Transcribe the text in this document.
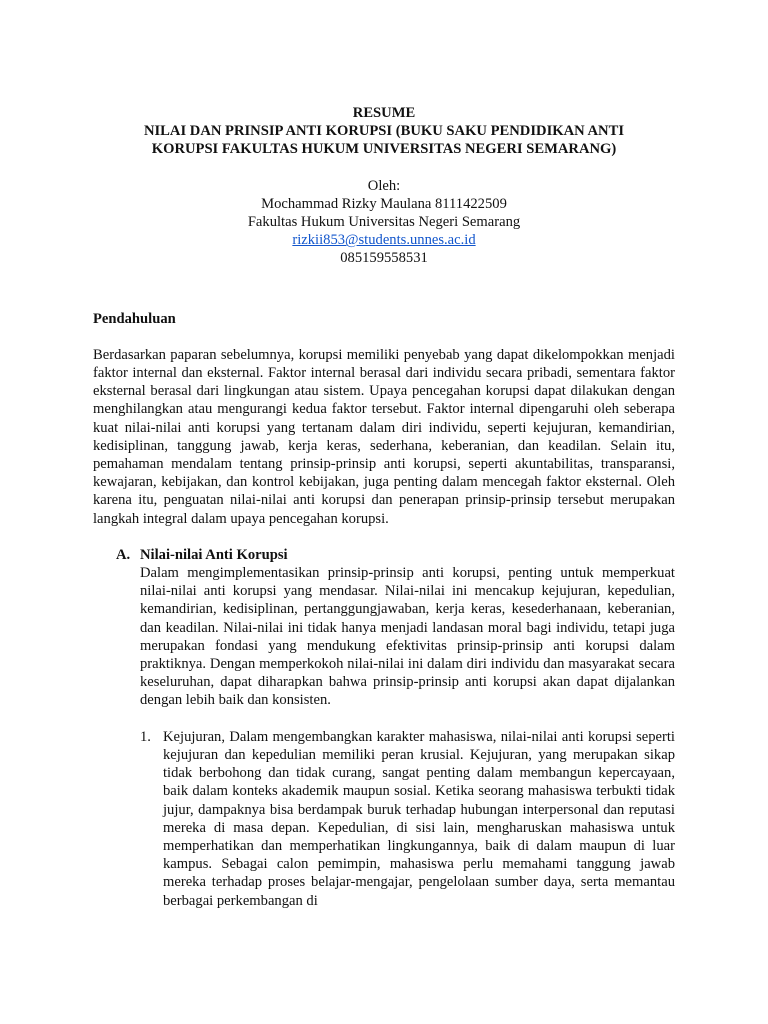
RESUME
NILAI DAN PRINSIP ANTI KORUPSI (BUKU SAKU PENDIDIKAN ANTI
KORUPSI FAKULTAS HUKUM UNIVERSITAS NEGERI SEMARANG)
Oleh:
Mochammad Rizky Maulana 8111422509
Fakultas Hukum Universitas Negeri Semarang
rizkii853@students.unnes.ac.id
085159558531
Pendahuluan

Berdasarkan paparan sebelumnya, korupsi memiliki penyebab yang dapat dikelompokkan menjadi faktor internal dan eksternal. Faktor internal berasal dari individu secara pribadi, sementara faktor eksternal berasal dari lingkungan atau sistem. Upaya pencegahan korupsi dapat dilakukan dengan menghilangkan atau mengurangi kedua faktor tersebut. Faktor internal dipengaruhi oleh seberapa kuat nilai-nilai anti korupsi yang tertanam dalam diri individu, seperti kejujuran, kemandirian, kedisiplinan, tanggung jawab, kerja keras, sederhana, keberanian, dan keadilan. Selain itu, pemahaman mendalam tentang prinsip-prinsip anti korupsi, seperti akuntabilitas, transparansi, kewajaran, kebijakan, dan kontrol kebijakan, juga penting dalam mencegah faktor eksternal. Oleh karena itu, penguatan nilai-nilai anti korupsi dan penerapan prinsip-prinsip tersebut merupakan langkah integral dalam upaya pencegahan korupsi.

A. Nilai-nilai Anti Korupsi

Dalam mengimplementasikan prinsip-prinsip anti korupsi, penting untuk memperkuat nilai-nilai anti korupsi yang mendasar. Nilai-nilai ini mencakup kejujuran, kepedulian, kemandirian, kedisiplinan, pertanggungjawaban, kerja keras, kesederhanaan, keberanian, dan keadilan. Nilai-nilai ini tidak hanya menjadi landasan moral bagi individu, tetapi juga merupakan fondasi yang mendukung efektivitas prinsip-prinsip anti korupsi dalam praktiknya. Dengan memperkokoh nilai-nilai ini dalam diri individu dan masyarakat secara keseluruhan, dapat diharapkan bahwa prinsip-prinsip anti korupsi akan dapat dijalankan dengan lebih baik dan konsisten.

1. Kejujuran, Dalam mengembangkan karakter mahasiswa, nilai-nilai anti korupsi seperti kejujuran dan kepedulian memiliki peran krusial. Kejujuran, yang merupakan sikap tidak berbohong dan tidak curang, sangat penting dalam membangun kepercayaan, baik dalam konteks akademik maupun sosial. Ketika seorang mahasiswa terbukti tidak jujur, dampaknya bisa berdampak buruk terhadap hubungan interpersonal dan reputasi mereka di masa depan. Kepedulian, di sisi lain, mengharuskan mahasiswa untuk memperhatikan dan memperhatikan lingkungannya, baik di dalam maupun di luar kampus. Sebagai calon pemimpin, mahasiswa perlu memahami tanggung jawab mereka terhadap proses belajar-mengajar, pengelolaan sumber daya, serta memantau berbagai perkembangan di
